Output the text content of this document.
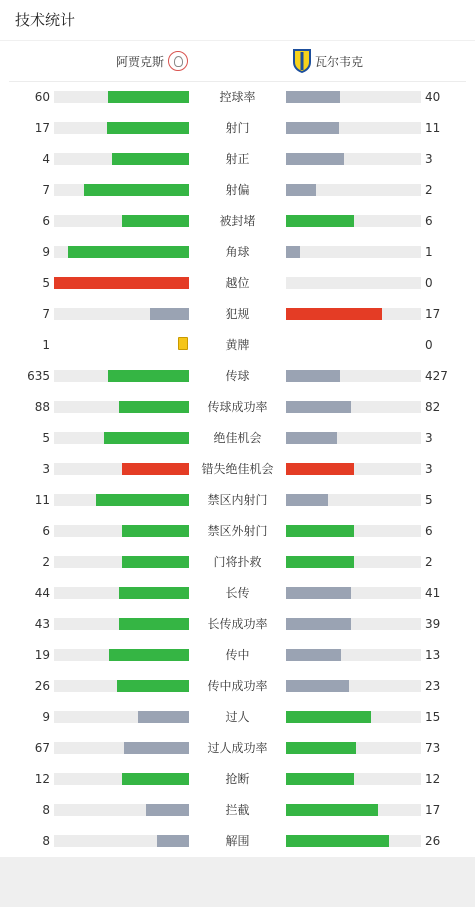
技术统计
阿贾克斯	瓦尔韦克
60	控球率	40
17	射门	11
4	射正	3
7	射偏	2
6	被封堵	6
9	角球	1
5	越位	0
7	犯规	17
1	黄牌	0
635	传球	427
88	传球成功率	82
5	绝佳机会	3
3	错失绝佳机会	3
11	禁区内射门	5
6	禁区外射门	6
2	门将扑救	2
44	长传	41
43	长传成功率	39
19	传中	13
26	传中成功率	23
9	过人	15
67	过人成功率	73
12	抢断	12
8	拦截	17
8	解围	26
